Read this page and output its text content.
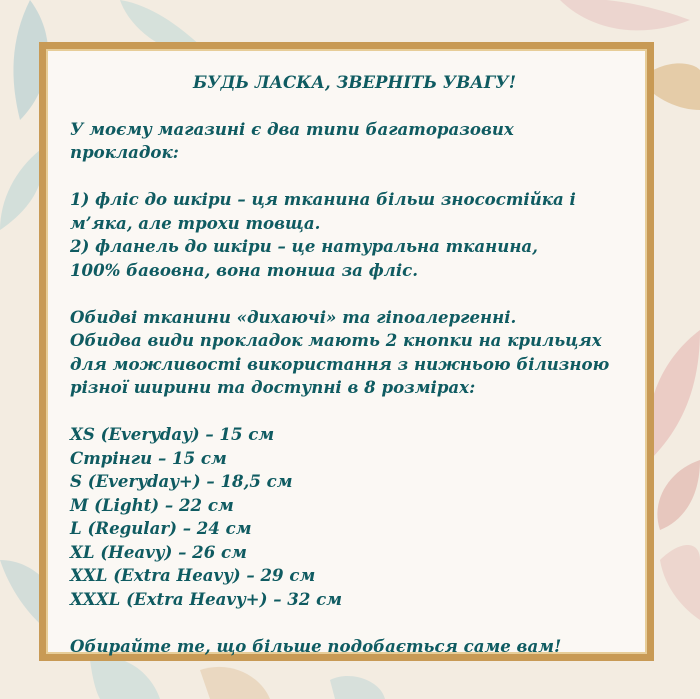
БУДЬ ЛАСКА, ЗВЕРНІТЬ УВАГУ!

У моєму магазині є два типи багаторазових

прокладок:

1) фліс до шкіри – ця тканина більш зносостійка і

м’яка, але трохи товща.

2) фланель до шкіри – це натуральна тканина,

100% бавовна, вона тонша за фліс.

Обидві тканини «дихаючі» та гіпоалергенні.

Обидва види прокладок мають 2 кнопки на крильцях

для можливості використання з нижньою білизною

різної ширини та доступні в 8 розмірах:

XS (Everyday) – 15 см
Стрінги – 15 см
S (Everyday+) – 18,5 см
M (Light) – 22 см
L (Regular) – 24 см
XL (Heavy) – 26 см
XXL (Extra Heavy) – 29 см
XXXL (Extra Heavy+) – 32 см

Обирайте те, що більше подобається саме вам!
